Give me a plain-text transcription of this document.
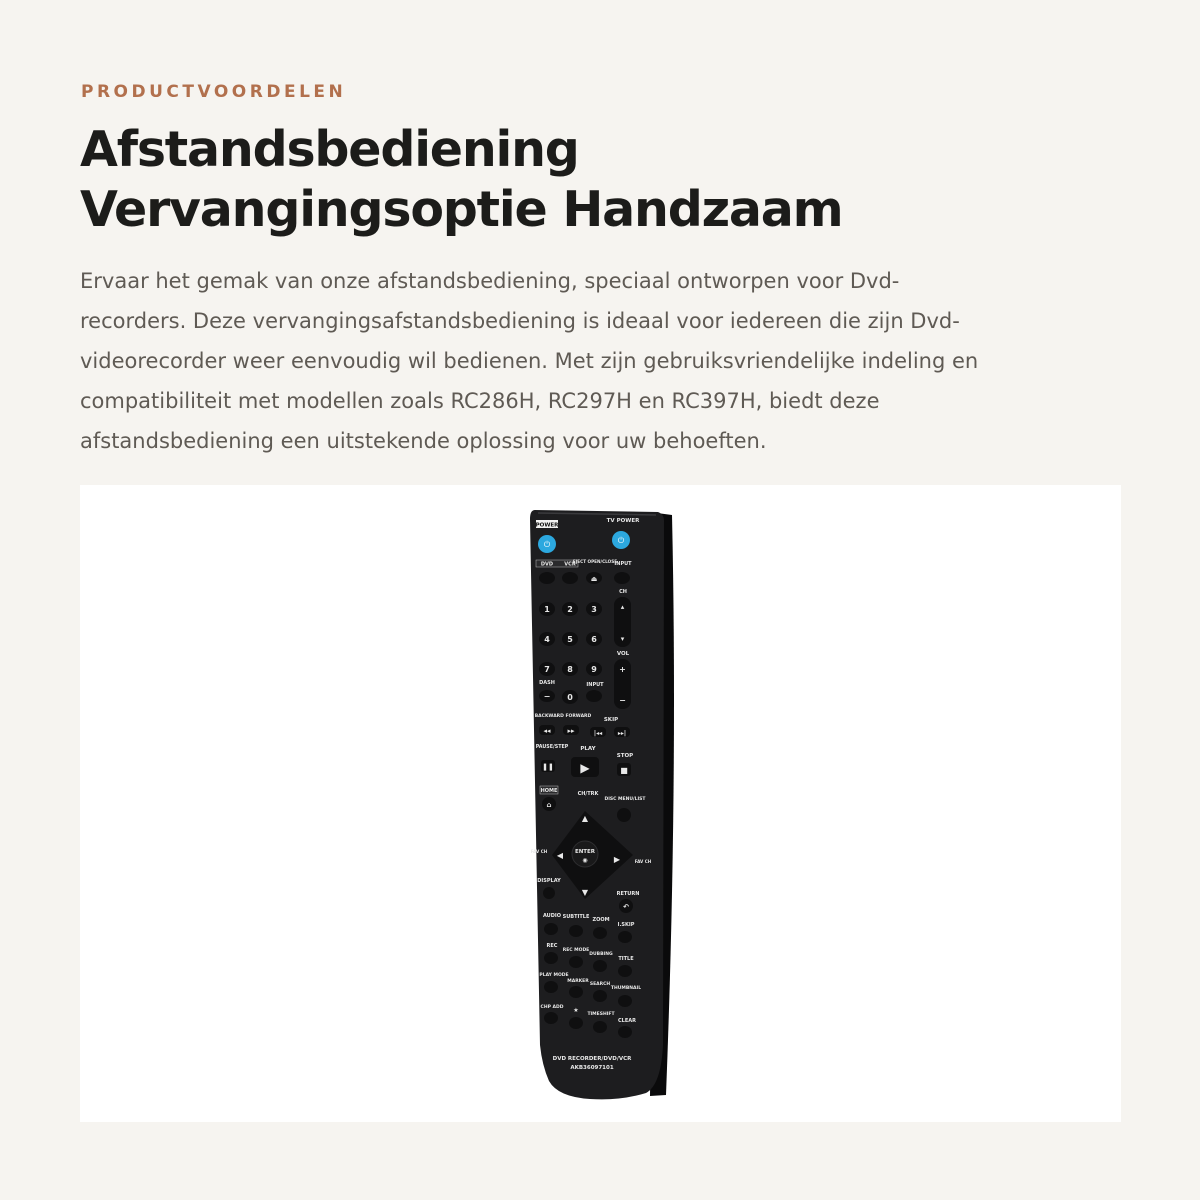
PRODUCTVOORDELEN
Afstandsbediening
Vervangingsoptie Handzaam

Ervaar het gemak van onze afstandsbediening, speciaal ontworpen voor Dvd-
recorders. Deze vervangingsafstandsbediening is ideaal voor iedereen die zijn Dvd-
videorecorder weer eenvoudig wil bedienen. Met zijn gebruiksvriendelijke indeling en
compatibiliteit met modellen zoals RC286H, RC297H en RC397H, biedt deze
afstandsbediening een uitstekende oplossing voor uw behoeften.

POWER
TV POWER
⏻	⏻
DVD VCR
EJECT OPEN/CLOSE
INPUT
⏏
CH
▴
▾
VOL
+
−
1 2 3
4 5 6
7 8 9
DASH	INPUT
− 0
BACKWARD FORWARD
SKIP
◂◂ ▸▸	|◂◂	▸▸|
PAUSE/STEP PLAY
STOP
❚❚ ▶	■
HOME	CH/TRK
DISC MENU/LIST
⌂
ENTER
◉
▲
▼
◀	▶
FAV CH
FAV CH
DISPLAY
RETURN
↶
AUDIO SUBTITLE ZOOM
I.SKIP
REC
REC MODE
DUBBING
TITLE
PLAY MODE
MARKER
SEARCH
THUMBNAIL
CHP ADD ★
TIMESHIFT
CLEAR
DVD RECORDER/DVD/VCR
AKB36097101
